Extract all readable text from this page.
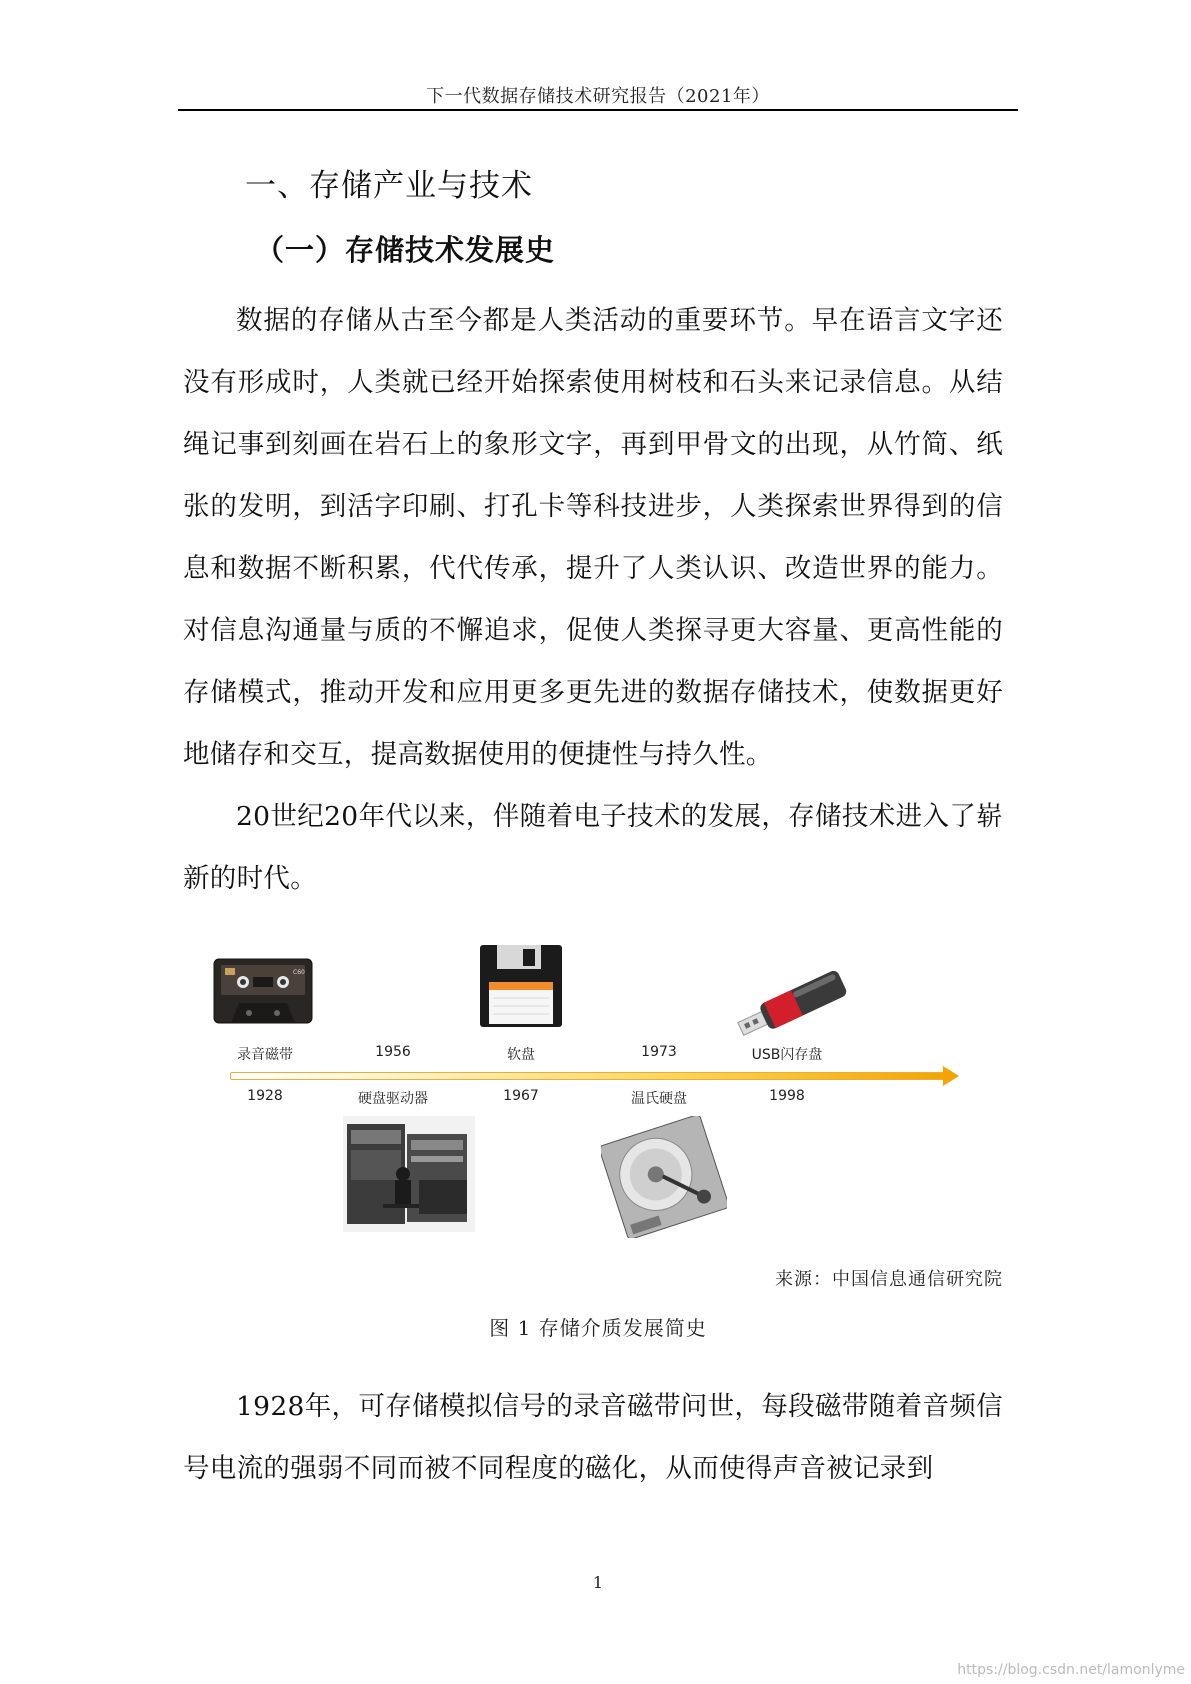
下一代数据存储技术研究报告（2021年）
一、存储产业与技术
（一）存储技术发展史

数据的存储从古至今都是人类活动的重要环节。早在语言文字还没有形成时，人类就已经开始探索使用树枝和石头来记录信息。从结绳记事到刻画在岩石上的象形文字，再到甲骨文的出现，从竹简、纸张的发明，到活字印刷、打孔卡等科技进步，人类探索世界得到的信息和数据不断积累，代代传承，提升了人类认识、改造世界的能力。对信息沟通量与质的不懈追求，促使人类探寻更大容量、更高性能的存储模式，推动开发和应用更多更先进的数据存储技术，使数据更好地储存和交互，提高数据使用的便捷性与持久性。

20世纪20年代以来，伴随着电子技术的发展，存储技术进入了崭新的时代。

C60
录音磁带	1956	软盘	1973	USB闪存盘
1928	硬盘驱动器	1967	温氏硬盘	1998
来源：中国信息通信研究院
图 1 存储介质发展简史

1928年，可存储模拟信号的录音磁带问世，每段磁带随着音频信号电流的强弱不同而被不同程度的磁化，从而使得声音被记录到

1
https://blog.csdn.net/lamonlyme
